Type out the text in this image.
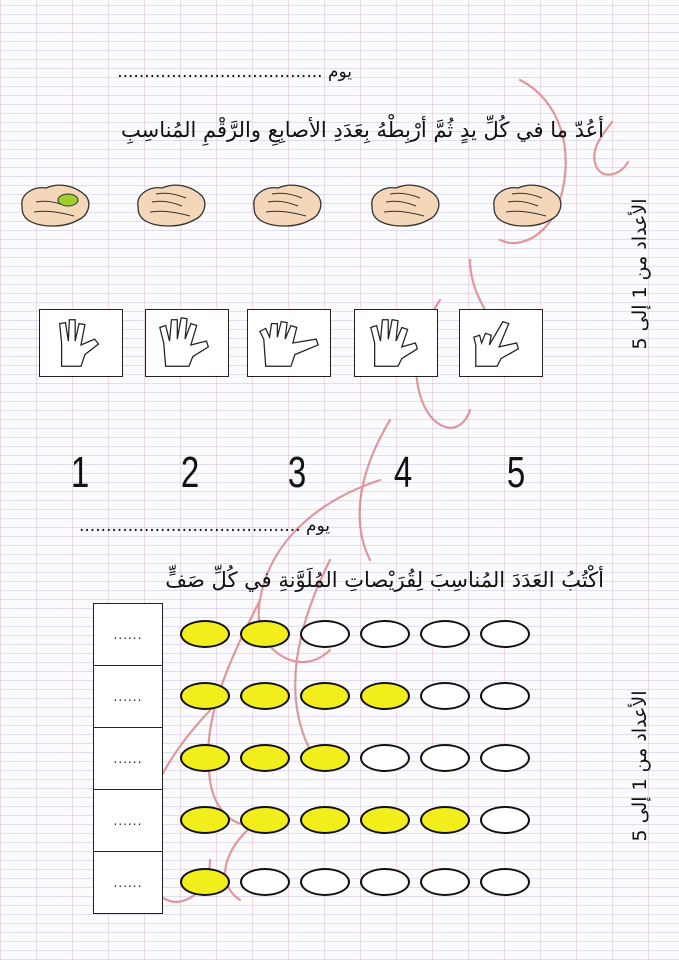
يوم ......................................
أعُدّ ما في كُلِّ يدٍ ثُمَّ أرْبِطْهُ بِعَدَدِ الأصابِعِ والرَّقْمِ المُناسِبِ
الأعداد من 1 إلى 5
1 2 3 4 5
يوم .........................................
أكْتُبُ العَدَدَ المُناسِبَ لِقُرَيْصاتِ المُلَوَّنةِ في كُلِّ صَفٍّ
الأعداد من 1 إلى 5
......
......
......
......
......
